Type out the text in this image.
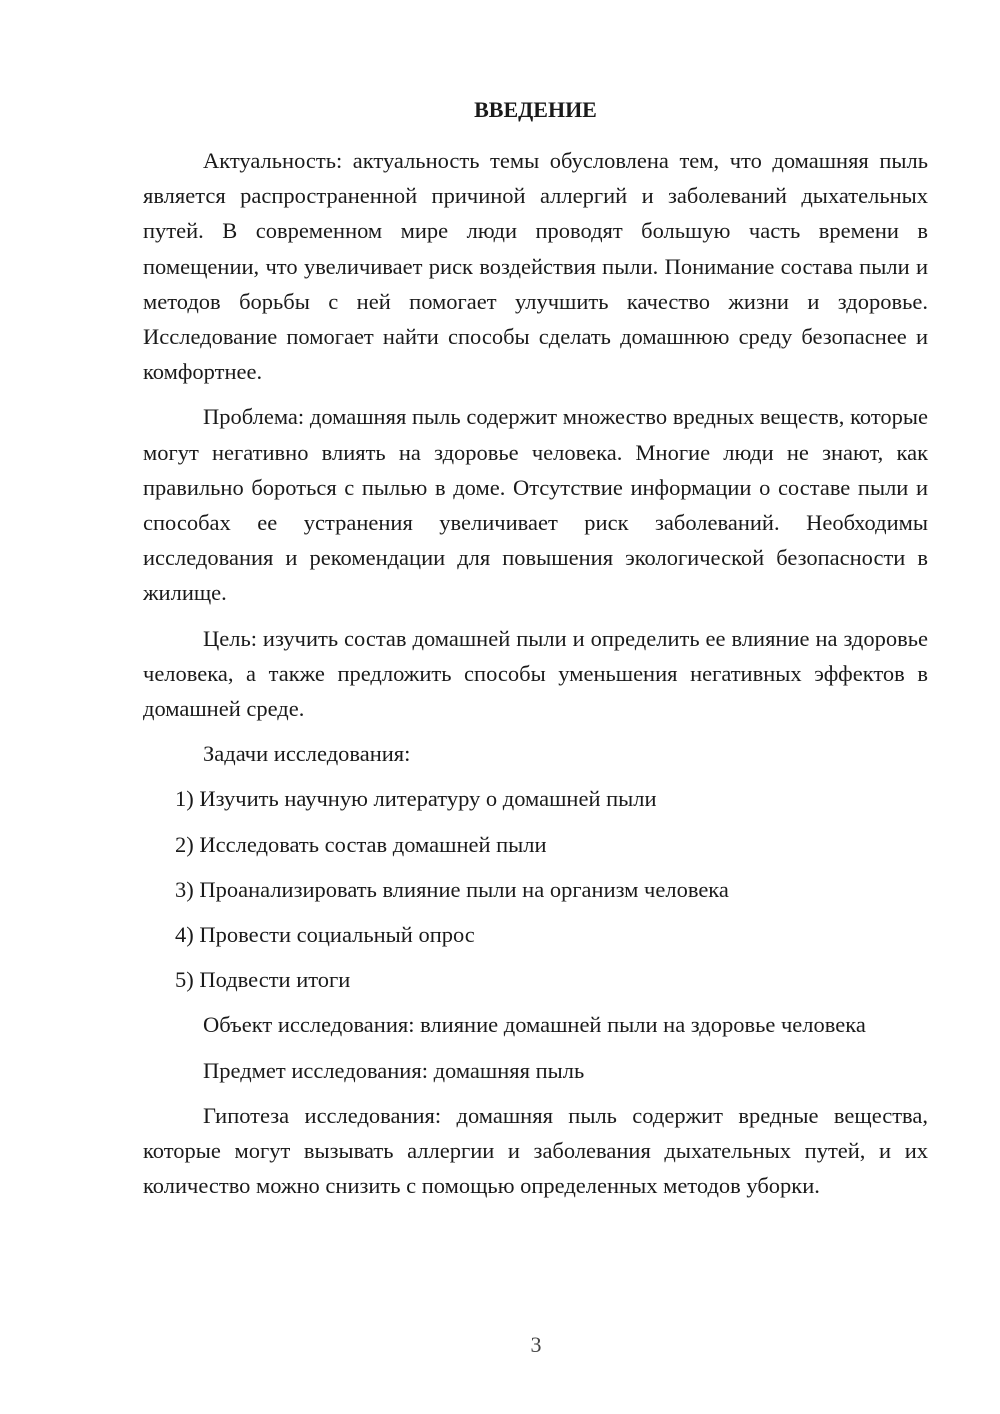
ВВЕДЕНИЕ

Актуальность: актуальность темы обусловлена тем, что домашняя пыль является распространенной причиной аллергий и заболеваний дыхательных путей. В современном мире люди проводят большую часть времени в помещении, что увеличивает риск воздействия пыли. Понимание состава пыли и методов борьбы с ней помогает улучшить качество жизни и здоровье. Исследование помогает найти способы сделать домашнюю среду безопаснее и комфортнее.

Проблема: домашняя пыль содержит множество вредных веществ, которые могут негативно влиять на здоровье человека. Многие люди не знают, как правильно бороться с пылью в доме. Отсутствие информации о составе пыли и способах ее устранения увеличивает риск заболеваний. Необходимы исследования и рекомендации для повышения экологической безопасности в жилище.

Цель: изучить состав домашней пыли и определить ее влияние на здоровье человека, а также предложить способы уменьшения негативных эффектов в домашней среде.

Задачи исследования:

1) Изучить научную литературу о домашней пыли

2) Исследовать состав домашней пыли

3) Проанализировать влияние пыли на организм человека

4) Провести социальный опрос

5) Подвести итоги

Объект исследования: влияние домашней пыли на здоровье человека

Предмет исследования: домашняя пыль

Гипотеза исследования: домашняя пыль содержит вредные вещества, которые могут вызывать аллергии и заболевания дыхательных путей, и их количество можно снизить с помощью определенных методов уборки.

3
